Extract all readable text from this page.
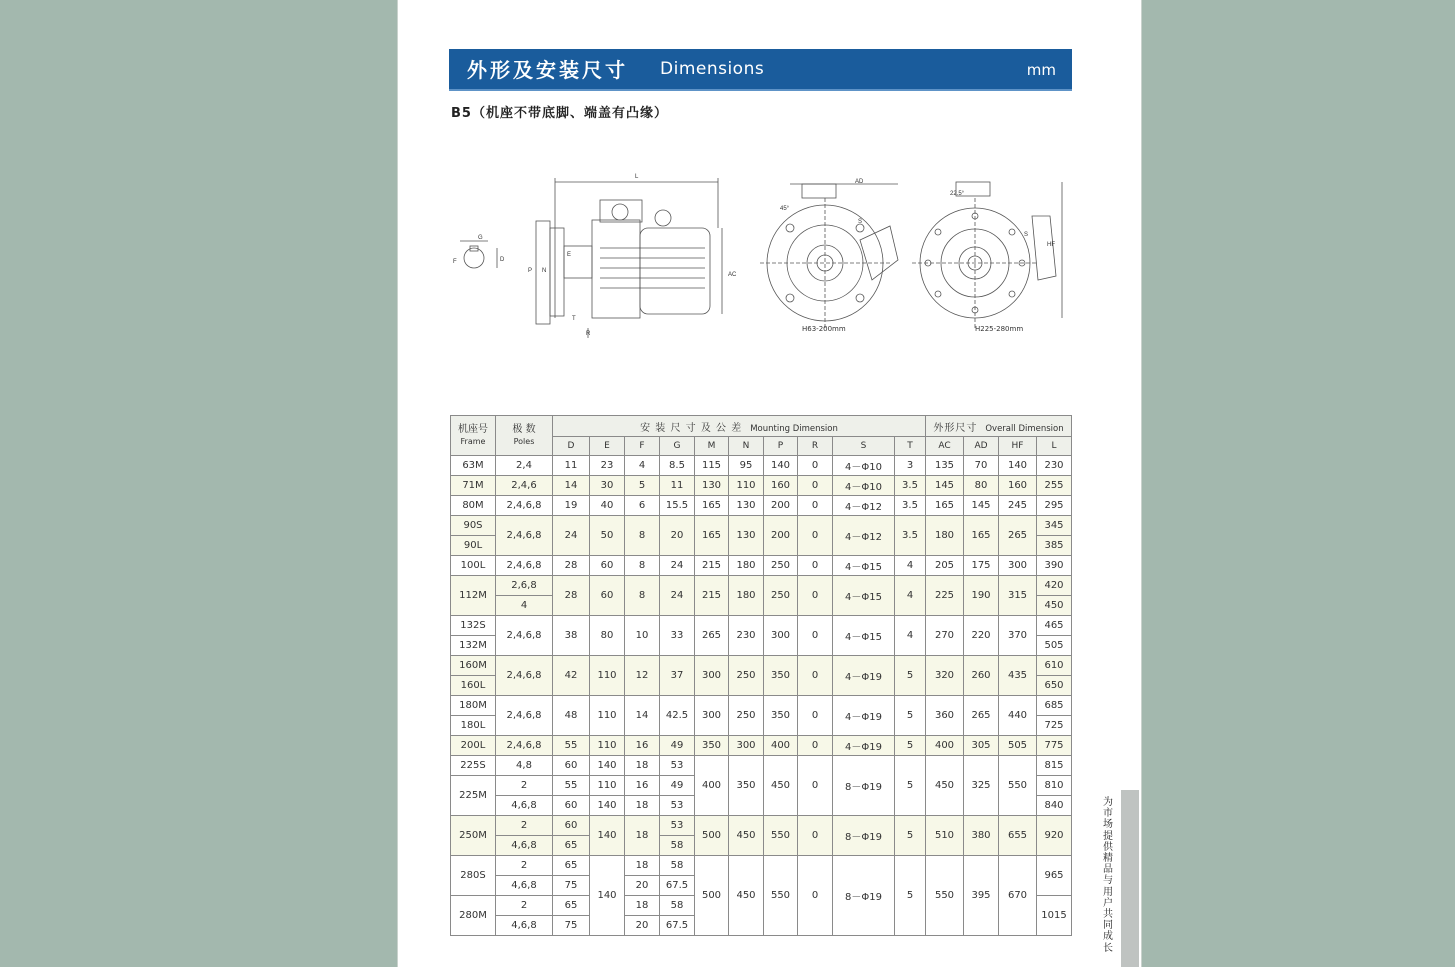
外形及安装尺寸 Dimensions	mm
B5（机座不带底脚、端盖有凸缘）
G
D
F
L
AC
P N
E
T
R
AD
S
45°
HF
S
22.5°
H63-200mm	H225-280mm
机座号
Frame	极 数
Poles	安 装 尺 寸 及 公 差 Mounting Dimension										外形尺寸 Overall Dimension			
		D	E	F	G	M	N	P	R	S	T	AC	AD	HF	L
63M	2,4	11	23	4	8.5	115	95	140	0	4－Φ10	3	135	70	140	230
71M	2,4,6	14	30	5	11	130	110	160	0	4－Φ10	3.5	145	80	160	255
80M	2,4,6,8	19	40	6	15.5	165	130	200	0	4－Φ12	3.5	165	145	245	295
90S	2,4,6,8	24	50	8	20	165	130	200	0	4－Φ12	3.5	180	165	265	345
90L															385
100L	2,4,6,8	28	60	8	24	215	180	250	0	4－Φ15	4	205	175	300	390
112M	2,6,8	28	60	8	24	215	180	250	0	4－Φ15	4	225	190	315	420
	4														450
132S	2,4,6,8	38	80	10	33	265	230	300	0	4－Φ15	4	270	220	370	465
132M															505
160M	2,4,6,8	42	110	12	37	300	250	350	0	4－Φ19	5	320	260	435	610
160L															650
180M	2,4,6,8	48	110	14	42.5	300	250	350	0	4－Φ19	5	360	265	440	685
180L															725
200L	2,4,6,8	55	110	16	49	350	300	400	0	4－Φ19	5	400	305	505	775
225S	4,8	60	140	18	53	400	350	450	0	8－Φ19	5	450	325	550	815
225M	2	55	110	16	49										810
	4,6,8	60	140	18	53										840
250M	2	60	140	18	53	500	450	550	0	8－Φ19	5	510	380	655	920
	4,6,8	65			58										
280S	2	65	140	18	58	500	450	550	0	8－Φ19	5	550	395	670	965
	4,6,8	75		20	67.5										
280M	2	65		18	58										1015
	4,6,8	75		20	67.5										
为市场提供精品 与用户共同成长
